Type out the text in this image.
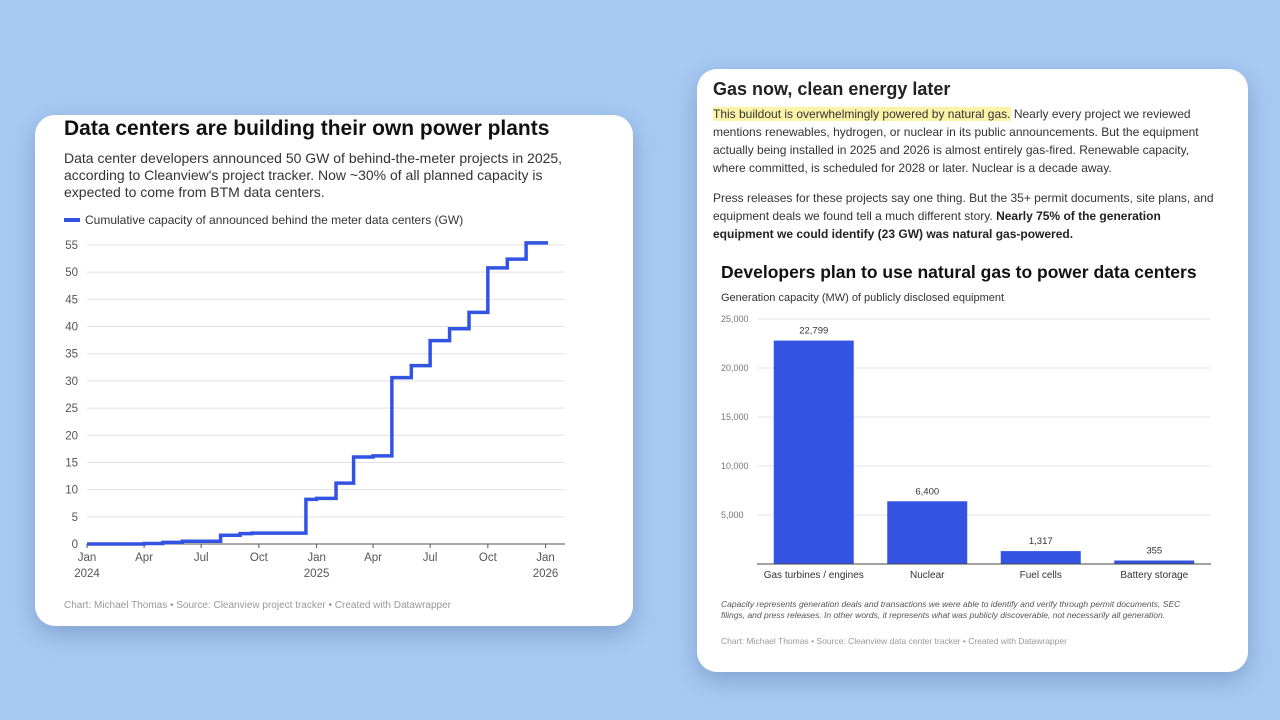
Data centers are building their own power plants
Data center developers announced 50 GW of behind-the-meter projects in 2025, according to Cleanview's project tracker. Now ~30% of all planned capacity is expected to come from BTM data centers.
Cumulative capacity of announced behind the meter data centers (GW)
0
5
10
15
20
25
30
35
40
45
50
55
Jan
2024
Apr	Jul	Oct	Jan
2025
Apr	Jul	Oct	Jan
2026
Chart: Michael Thomas • Source: Cleanview project tracker • Created with Datawrapper
Gas now, clean energy later
This buildout is overwhelmingly powered by natural gas. Nearly every project we reviewed mentions renewables, hydrogen, or nuclear in its public announcements. But the equipment actually being installed in 2025 and 2026 is almost entirely gas-fired. Renewable capacity, where committed, is scheduled for 2028 or later. Nuclear is a decade away.
Press releases for these projects say one thing. But the 35+ permit documents, site plans, and equipment deals we found tell a much different story. Nearly 75% of the generation equipment we could identify (23 GW) was natural gas-powered.
Developers plan to use natural gas to power data centers
Generation capacity (MW) of publicly disclosed equipment
5,000
10,000
15,000
20,000
25,000
22,799
Gas turbines / engines
6,400
Nuclear
1,317
Fuel cells
355
Battery storage
Capacity represents generation deals and transactions we were able to identify and verify through permit documents, SEC filings, and press releases. In other words, it represents what was publicly discoverable, not necessarily all generation.
Chart: Michael Thomas • Source: Cleanview data center tracker • Created with Datawrapper
